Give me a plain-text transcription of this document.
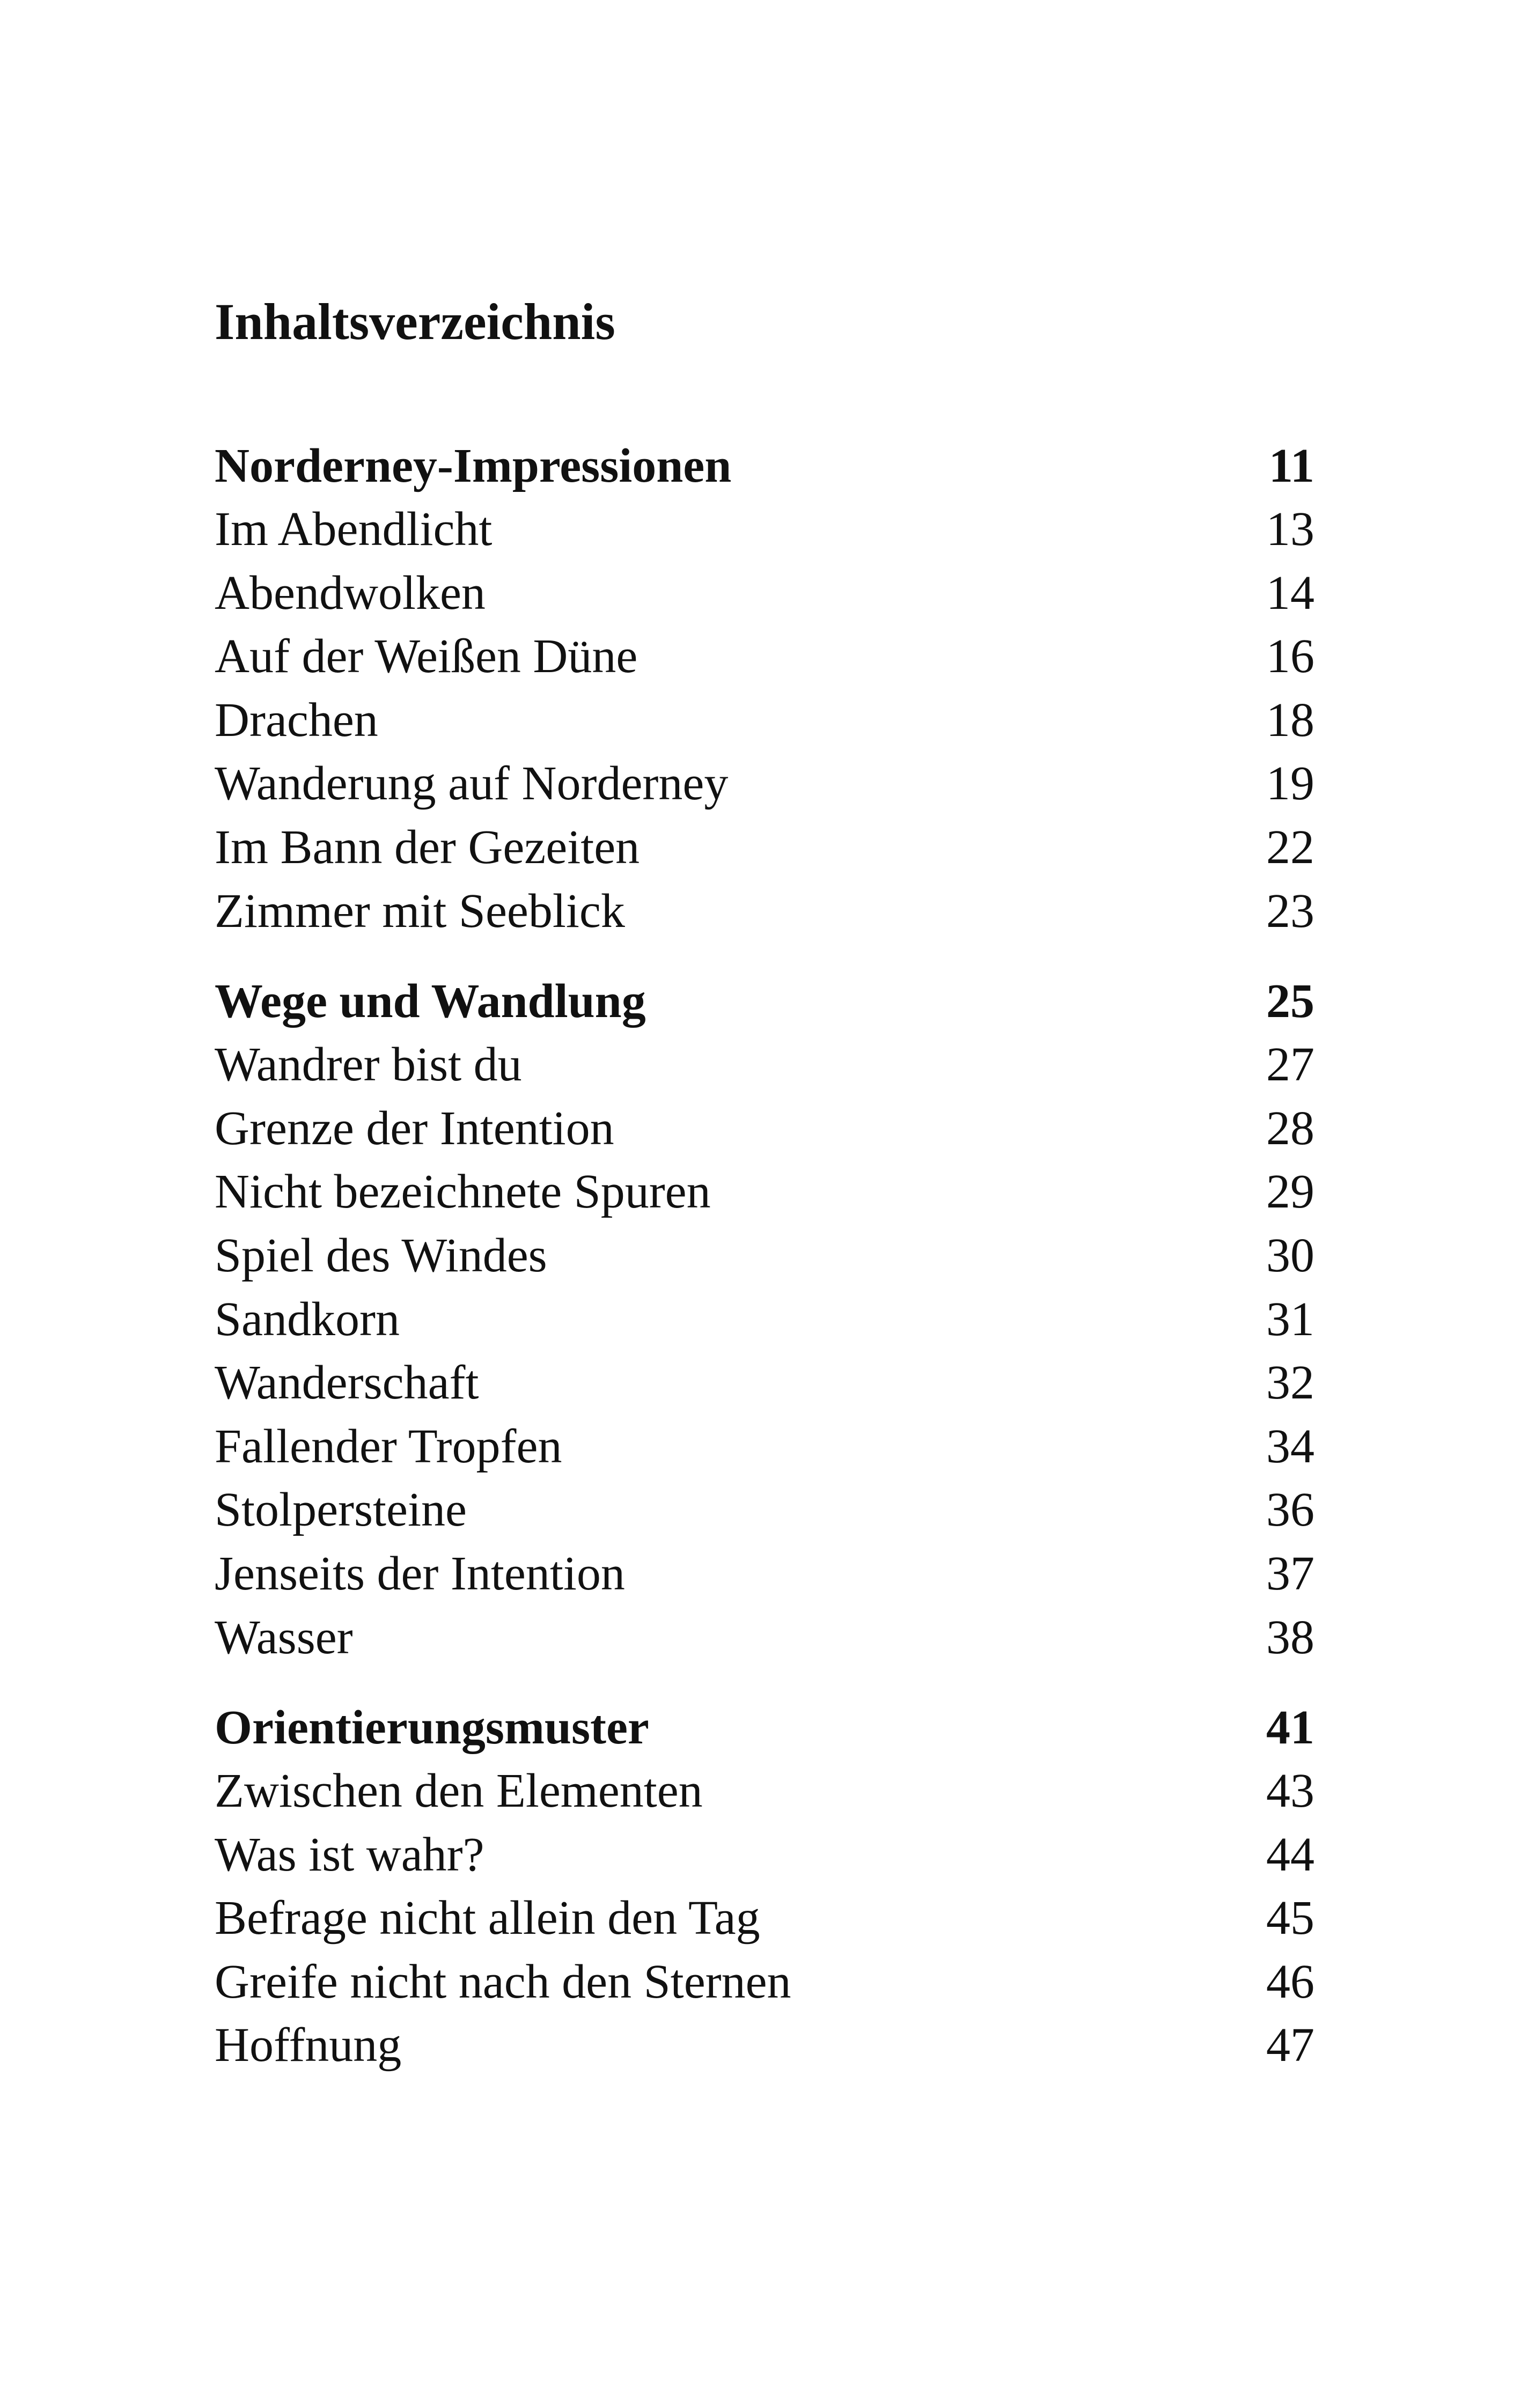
Inhaltsverzeichnis
Norderney-Impressionen	11
Im Abendlicht	13
Abendwolken	14
Auf der Weißen Düne	16
Drachen	18
Wanderung auf Norderney	19
Im Bann der Gezeiten	22
Zimmer mit Seeblick	23
Wege und Wandlung	25
Wandrer bist du	27
Grenze der Intention	28
Nicht bezeichnete Spuren	29
Spiel des Windes	30
Sandkorn	31
Wanderschaft	32
Fallender Tropfen	34
Stolpersteine	36
Jenseits der Intention	37
Wasser	38
Orientierungsmuster	41
Zwischen den Elementen	43
Was ist wahr?	44
Befrage nicht allein den Tag	45
Greife nicht nach den Sternen	46
Hoffnung	47
